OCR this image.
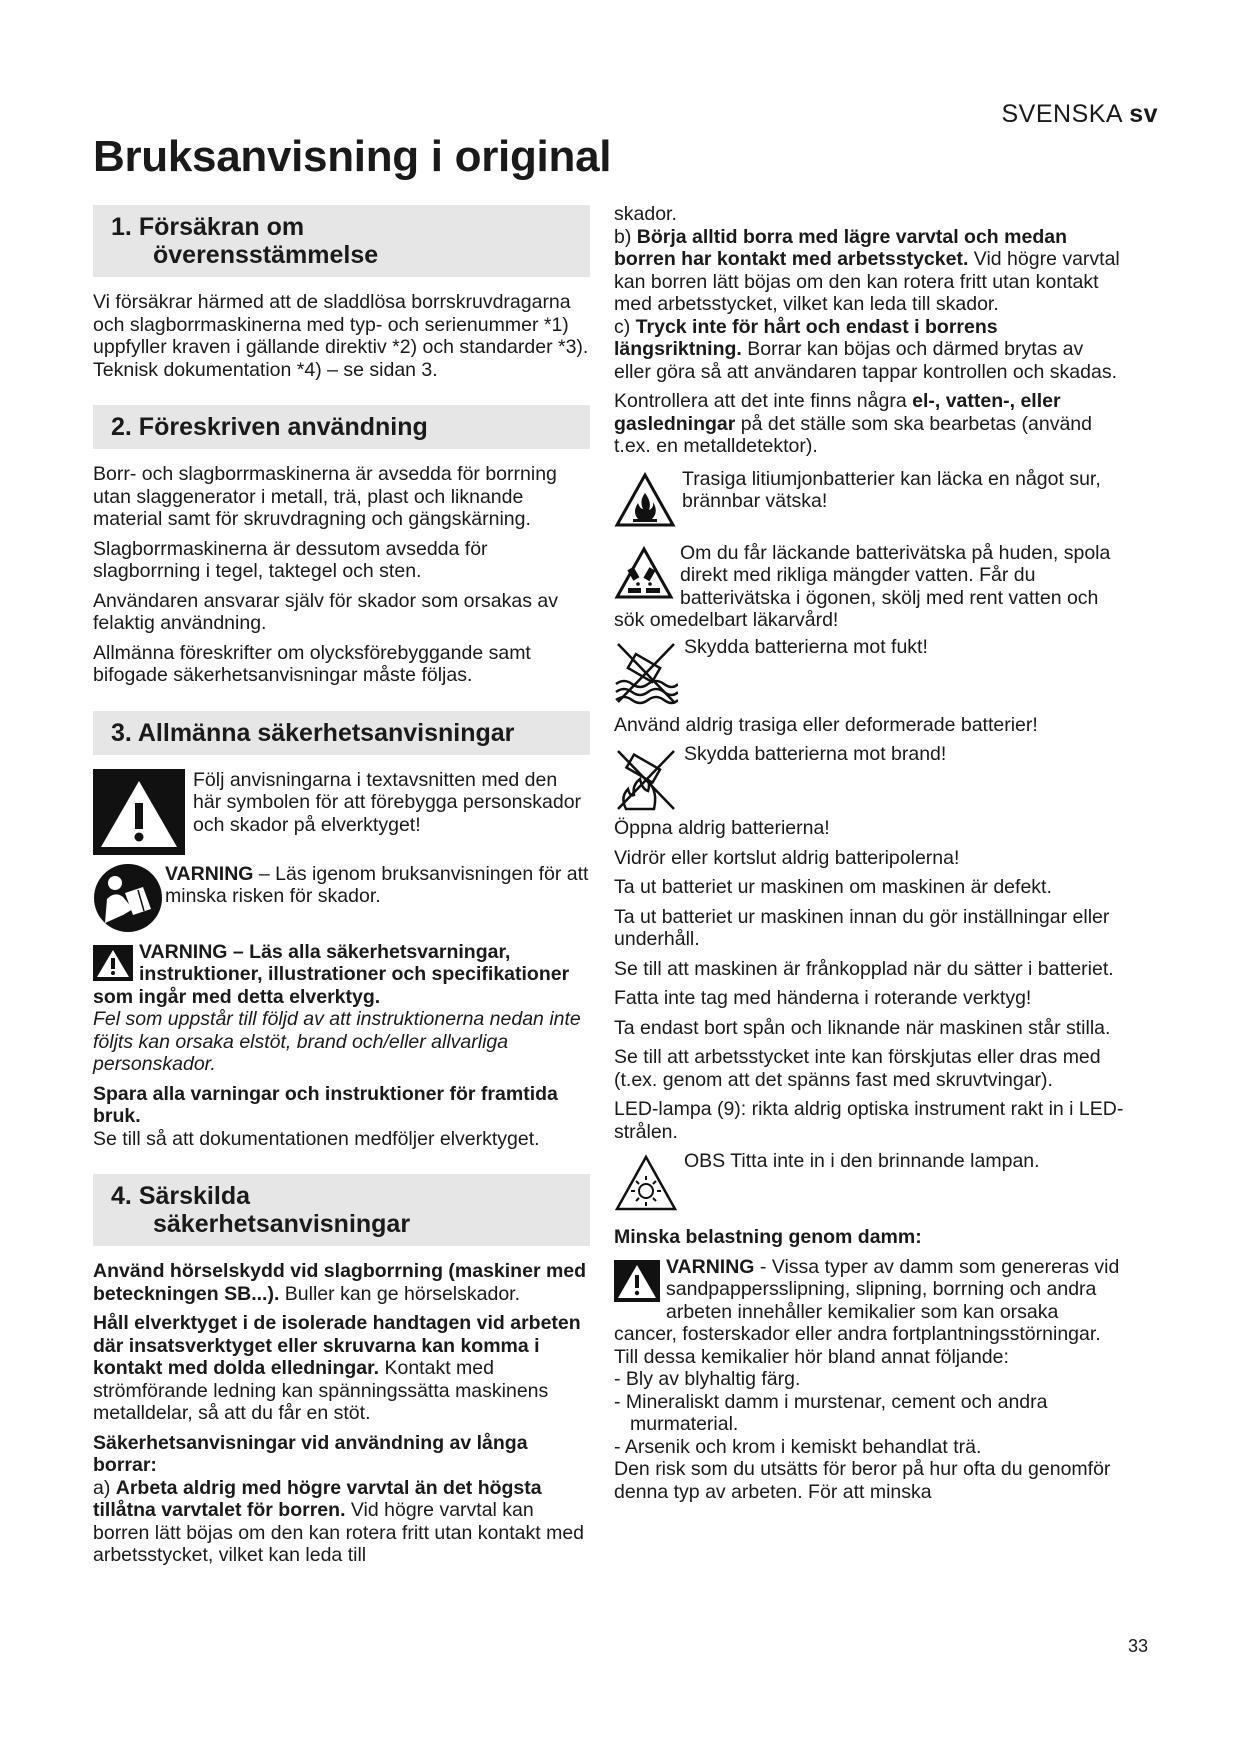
SVENSKA sv
Bruksanvisning i original
1. Försäkran om
överensstämmelse

Vi försäkrar härmed att de sladdlösa borrskruvdragarna och slagborrmaskinerna med typ- och serienummer *1) uppfyller kraven i gällande direktiv *2) och standarder *3). Teknisk dokumentation *4) – se sidan 3.

2. Föreskriven användning

Borr- och slagborrmaskinerna är avsedda för borrning utan slaggenerator i metall, trä, plast och liknande material samt för skruvdragning och gängskärning.

Slagborrmaskinerna är dessutom avsedda för slagborrning i tegel, taktegel och sten.

Användaren ansvarar själv för skador som orsakas av felaktig användning.

Allmänna föreskrifter om olycksförebyggande samt bifogade säkerhetsanvisningar måste följas.

3. Allmänna säkerhetsanvisningar
Följ anvisningarna i textavsnitten med den här symbolen för att förebygga personskador och skador på elverktyget!
VARNING – Läs igenom bruksanvisningen för att minska risken för skador.
VARNING – Läs alla säkerhetsvarningar, instruktioner, illustrationer och specifikationer som ingår med detta elverktyg.

Fel som uppstår till följd av att instruktionerna nedan inte följts kan orsaka elstöt, brand och/eller allvarliga personskador.

Spara alla varningar och instruktioner för framtida bruk.

Se till så att dokumentationen medföljer elverktyget.

4. Särskilda
säkerhetsanvisningar

Använd hörselskydd vid slagborrning (maskiner med beteckningen SB...). Buller kan ge hörselskador.

Håll elverktyget i de isolerade handtagen vid arbeten där insatsverktyget eller skruvarna kan komma i kontakt med dolda elledningar. Kontakt med strömförande ledning kan spänningssätta maskinens metalldelar, så att du får en stöt.

Säkerhetsanvisningar vid användning av långa borrar:
a) Arbeta aldrig med högre varvtal än det högsta tillåtna varvtalet för borren. Vid högre varvtal kan borren lätt böjas om den kan rotera fritt utan kontakt med arbetsstycket, vilket kan leda till

skador.

b) Börja alltid borra med lägre varvtal och medan borren har kontakt med arbetsstycket. Vid högre varvtal kan borren lätt böjas om den kan rotera fritt utan kontakt med arbetsstycket, vilket kan leda till skador.

c) Tryck inte för hårt och endast i borrens längsriktning. Borrar kan böjas och därmed brytas av eller göra så att användaren tappar kontrollen och skadas.

Kontrollera att det inte finns några el-, vatten-, eller gasledningar på det ställe som ska bearbetas (använd t.ex. en metalldetektor).

Trasiga litiumjonbatterier kan läcka en något sur, brännbar vätska!
Om du får läckande batterivätska på huden, spola direkt med rikliga mängder vatten. Får du batterivätska i ögonen, skölj med rent vatten och sök omedelbart läkarvård!
Skydda batterierna mot fukt!

Använd aldrig trasiga eller deformerade batterier!

Skydda batterierna mot brand!

Öppna aldrig batterierna!

Vidrör eller kortslut aldrig batteripolerna!

Ta ut batteriet ur maskinen om maskinen är defekt.

Ta ut batteriet ur maskinen innan du gör inställningar eller underhåll.

Se till att maskinen är frånkopplad när du sätter i batteriet.

Fatta inte tag med händerna i roterande verktyg!

Ta endast bort spån och liknande när maskinen står stilla.

Se till att arbetsstycket inte kan förskjutas eller dras med (t.ex. genom att det spänns fast med skruvtvingar).

LED-lampa (9): rikta aldrig optiska instrument rakt in i LED-strålen.

OBS Titta inte in i den brinnande lampan.

Minska belastning genom damm:

VARNING - Vissa typer av damm som genereras vid sandpappersslipning, slipning, borrning och andra arbeten innehåller kemikalier som kan orsaka cancer, fosterskador eller andra fortplantningsstörningar. Till dessa kemikalier hör bland annat följande:
- Bly av blyhaltig färg.
- Mineraliskt damm i murstenar, cement och andra murmaterial.
- Arsenik och krom i kemiskt behandlat trä.
Den risk som du utsätts för beror på hur ofta du genomför denna typ av arbeten. För att minska
33
